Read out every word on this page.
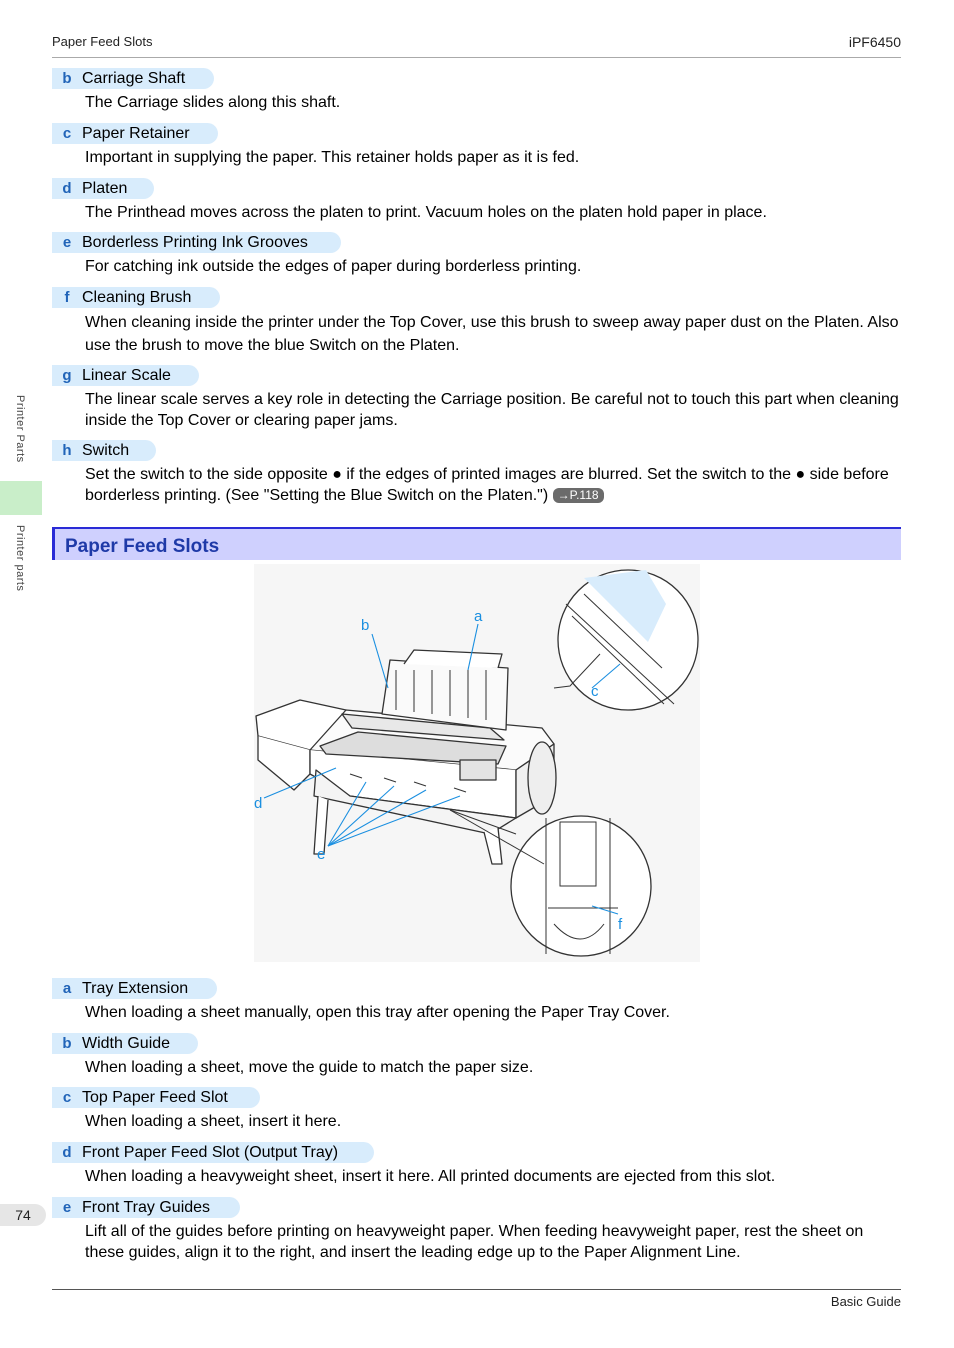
Paper Feed Slots	iPF6450
Printer Parts
Printer parts
b Carriage Shaft
The Carriage slides along this shaft.
c Paper Retainer
Important in supplying the paper. This retainer holds paper as it is fed.
d Platen
The Printhead moves across the platen to print. Vacuum holes on the platen hold paper in place.
e Borderless Printing Ink Grooves
For catching ink outside the edges of paper during borderless printing.
f Cleaning Brush
When cleaning inside the printer under the Top Cover, use this brush to sweep away paper dust on the Platen. Also use the brush to move the blue Switch on the Platen.
g Linear Scale
The linear scale serves a key role in detecting the Carriage position. Be careful not to touch this part when cleaning inside the Top Cover or clearing paper jams.
h Switch
Set the switch to the side opposite ● if the edges of printed images are blurred. Set the switch to the ● side before borderless printing. (See "Setting the Blue Switch on the Platen.") →P.118
Paper Feed Slots
a
b
c
d
e
f
a Tray Extension
When loading a sheet manually, open this tray after opening the Paper Tray Cover.
b Width Guide
When loading a sheet, move the guide to match the paper size.
c Top Paper Feed Slot
When loading a sheet, insert it here.
d Front Paper Feed Slot (Output Tray)
When loading a heavyweight sheet, insert it here. All printed documents are ejected from this slot.
e Front Tray Guides
Lift all of the guides before printing on heavyweight paper. When feeding heavyweight paper, rest the sheet on these guides, align it to the right, and insert the leading edge up to the Paper Alignment Line.
74
Basic Guide
